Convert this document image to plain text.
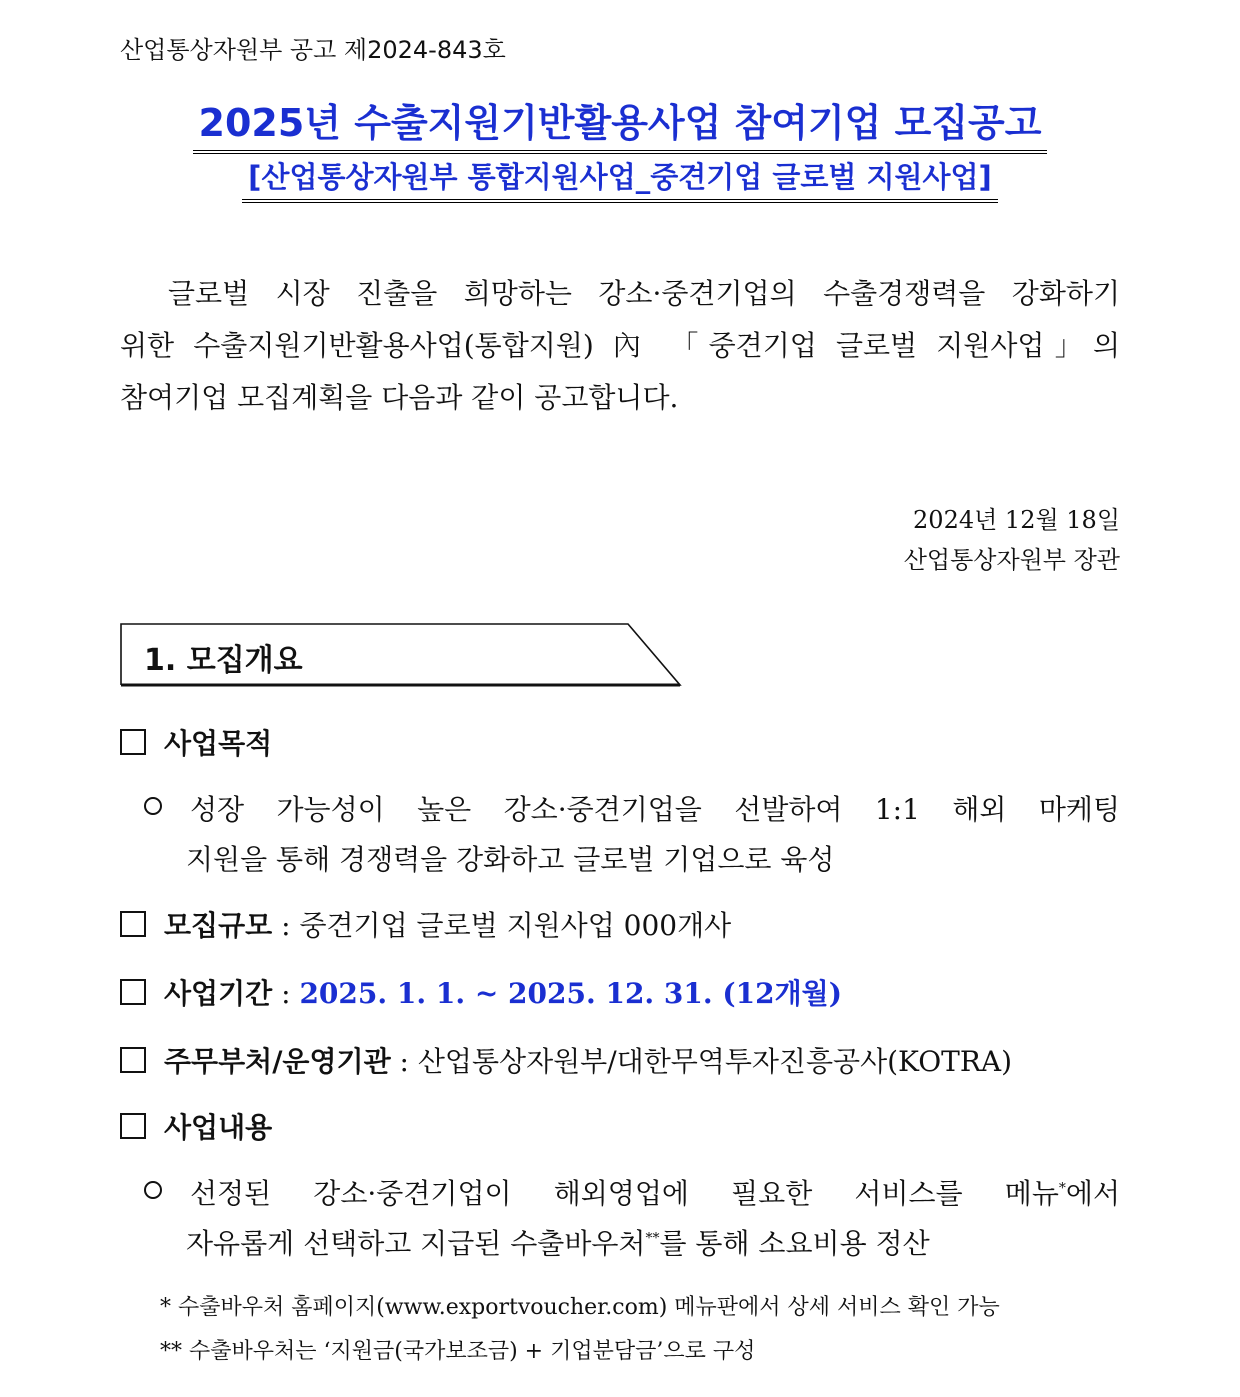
산업통상자원부 공고 제2024-843호
2025년 수출지원기반활용사업 참여기업 모집공고
[산업통상자원부 통합지원사업_중견기업 글로벌 지원사업]
글로벌 시장 진출을 희망하는 강소·중견기업의 수출경쟁력을 강화하기
위한 수출지원기반활용사업(통합지원) 內 「중견기업 글로벌 지원사업」의
참여기업 모집계획을 다음과 같이 공고합니다.
2024년 12월 18일
산업통상자원부 장관
1. 모집개요
사업목적
성장 가능성이 높은 강소·중견기업을 선발하여 1:1 해외 마케팅
지원을 통해 경쟁력을 강화하고 글로벌 기업으로 육성
모집규모 : 중견기업 글로벌 지원사업 000개사
사업기간 : 2025. 1. 1. ~ 2025. 12. 31. (12개월)
주무부처/운영기관 : 산업통상자원부/대한무역투자진흥공사(KOTRA)
사업내용
선정된 강소·중견기업이 해외영업에 필요한 서비스를 메뉴*에서
자유롭게 선택하고 지급된 수출바우처**를 통해 소요비용 정산
* 수출바우처 홈페이지(www.exportvoucher.com) 메뉴판에서 상세 서비스 확인 가능
** 수출바우처는 ‘지원금(국가보조금) + 기업분담금’으로 구성
